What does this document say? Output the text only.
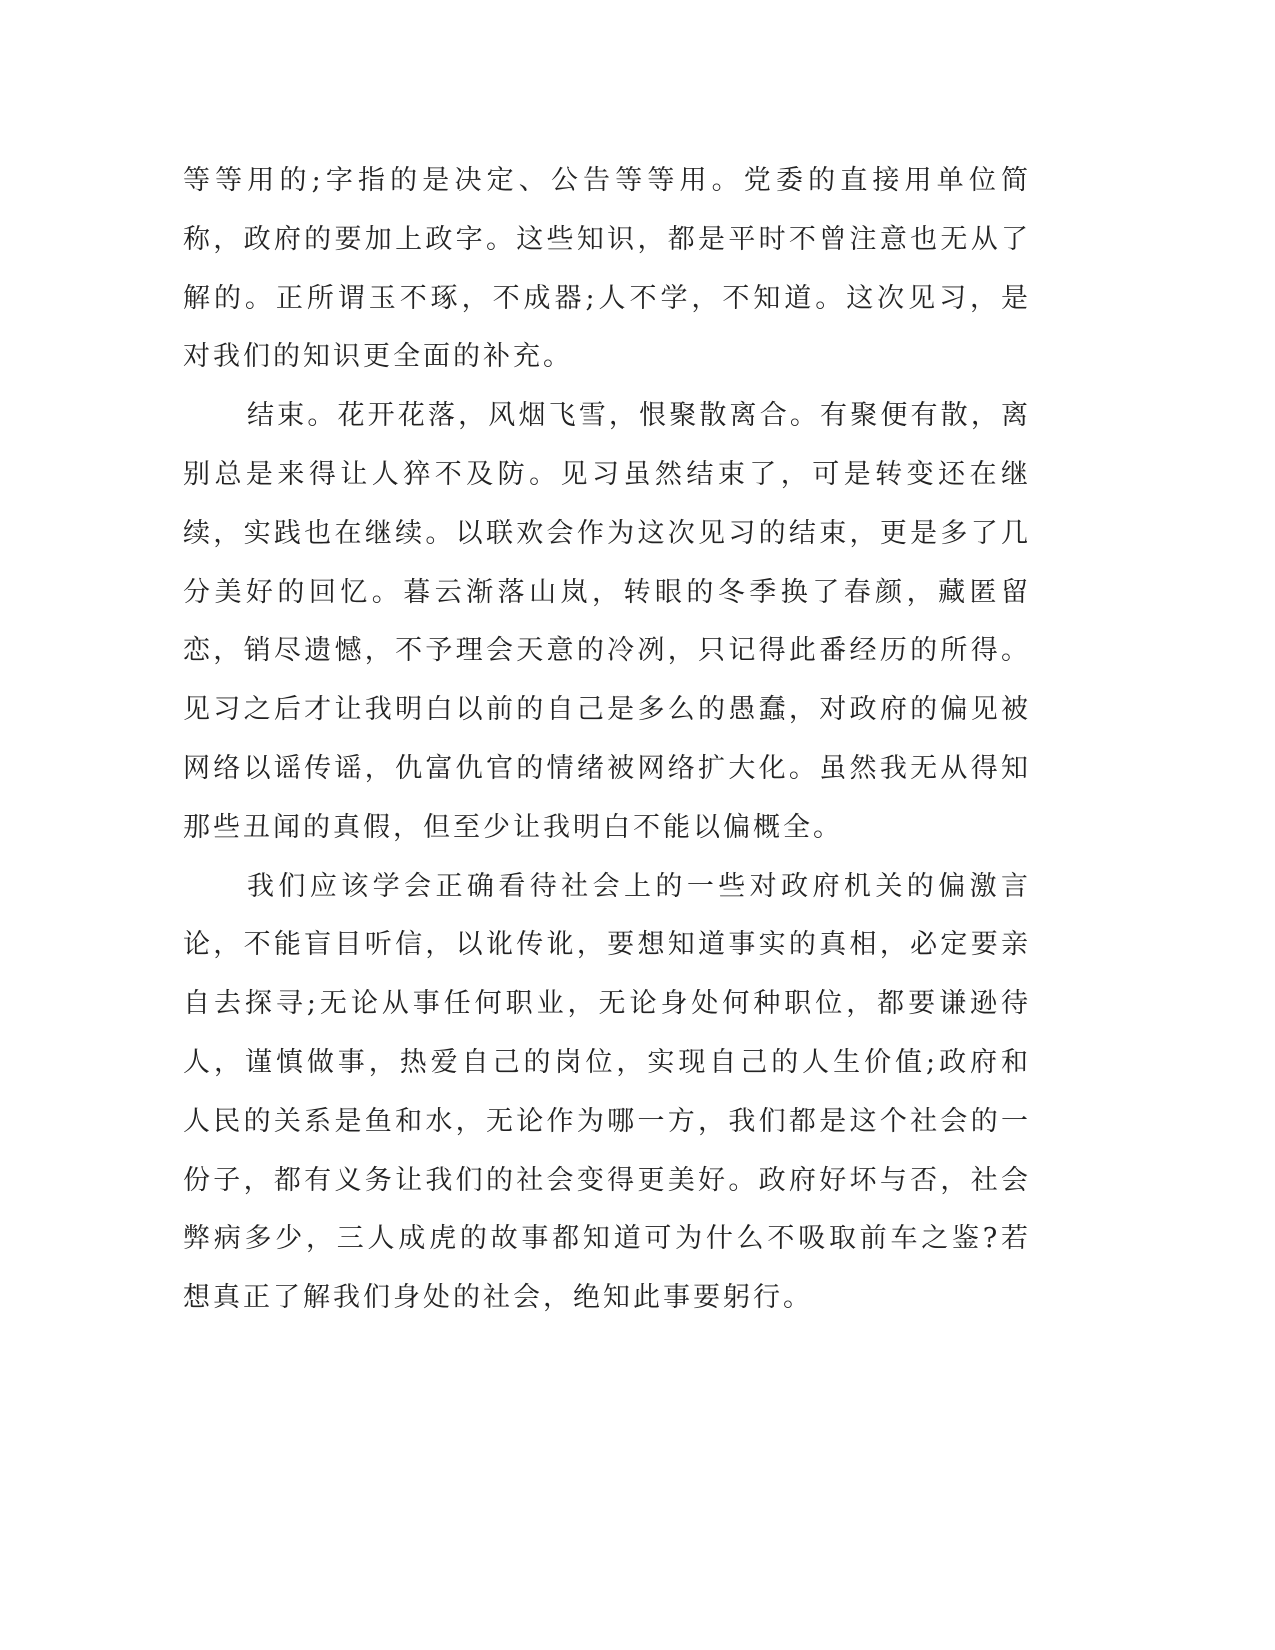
等等用的;字指的是决定、公告等等用。党委的直接用单位简称，政府的要加上政字。这些知识，都是平时不曾注意也无从了解的。正所谓玉不琢，不成器;人不学，不知道。这次见习，是对我们的知识更全面的补充。

结束。花开花落，风烟飞雪，恨聚散离合。有聚便有散，离别总是来得让人猝不及防。见习虽然结束了，可是转变还在继续，实践也在继续。以联欢会作为这次见习的结束，更是多了几分美好的回忆。暮云渐落山岚，转眼的冬季换了春颜，藏匿留恋，销尽遗憾，不予理会天意的冷冽，只记得此番经历的所得。见习之后才让我明白以前的自己是多么的愚蠢，对政府的偏见被网络以谣传谣，仇富仇官的情绪被网络扩大化。虽然我无从得知那些丑闻的真假，但至少让我明白不能以偏概全。

我们应该学会正确看待社会上的一些对政府机关的偏激言论，不能盲目听信，以讹传讹，要想知道事实的真相，必定要亲自去探寻;无论从事任何职业，无论身处何种职位，都要谦逊待人，谨慎做事，热爱自己的岗位，实现自己的人生价值;政府和人民的关系是鱼和水，无论作为哪一方，我们都是这个社会的一份子，都有义务让我们的社会变得更美好。政府好坏与否，社会弊病多少，三人成虎的故事都知道可为什么不吸取前车之鉴?若想真正了解我们身处的社会，绝知此事要躬行。
